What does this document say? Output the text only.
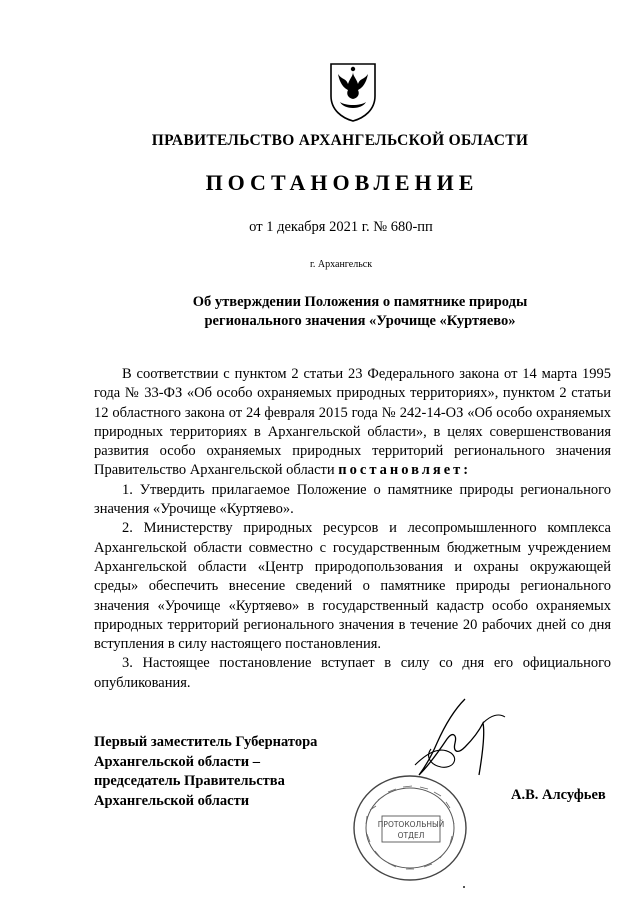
ПРАВИТЕЛЬСТВО АРХАНГЕЛЬСКОЙ ОБЛАСТИ
ПОСТАНОВЛЕНИЕ
от 1 декабря 2021 г. № 680-пп
г. Архангельск
Об утверждении Положения о памятнике природы
регионального значения «Урочище «Куртяево»

В соответствии с пунктом 2 статьи 23 Федерального закона от 14 марта 1995 года № 33-ФЗ «Об особо охраняемых природных территориях», пунктом 2 статьи 12 областного закона от 24 февраля 2015 года № 242-14-ОЗ «Об особо охраняемых природных территориях в Архангельской области», в целях совершенствования развития особо охраняемых природных территорий регионального значения Правительство Архангельской области постановляет:

1. Утвердить прилагаемое Положение о памятнике природы регионального значения «Урочище «Куртяево».

2. Министерству природных ресурсов и лесопромышленного комплекса Архангельской области совместно с государственным бюджетным учреждением Архангельской области «Центр природопользования и охраны окружающей среды» обеспечить внесение сведений о памятнике природы регионального значения «Урочище «Куртяево» в государственный кадастр особо охраняемых природных территорий регионального значения в течение 20 рабочих дней со дня вступления в силу настоящего постановления.

3. Настоящее постановление вступает в силу со дня его официального опубликования.

Первый заместитель Губернатора
Архангельской области –
председатель Правительства
Архангельской области	А.В. Алсуфьев
ПРОТОКОЛЬНЫЙ
ОТДЕЛ
